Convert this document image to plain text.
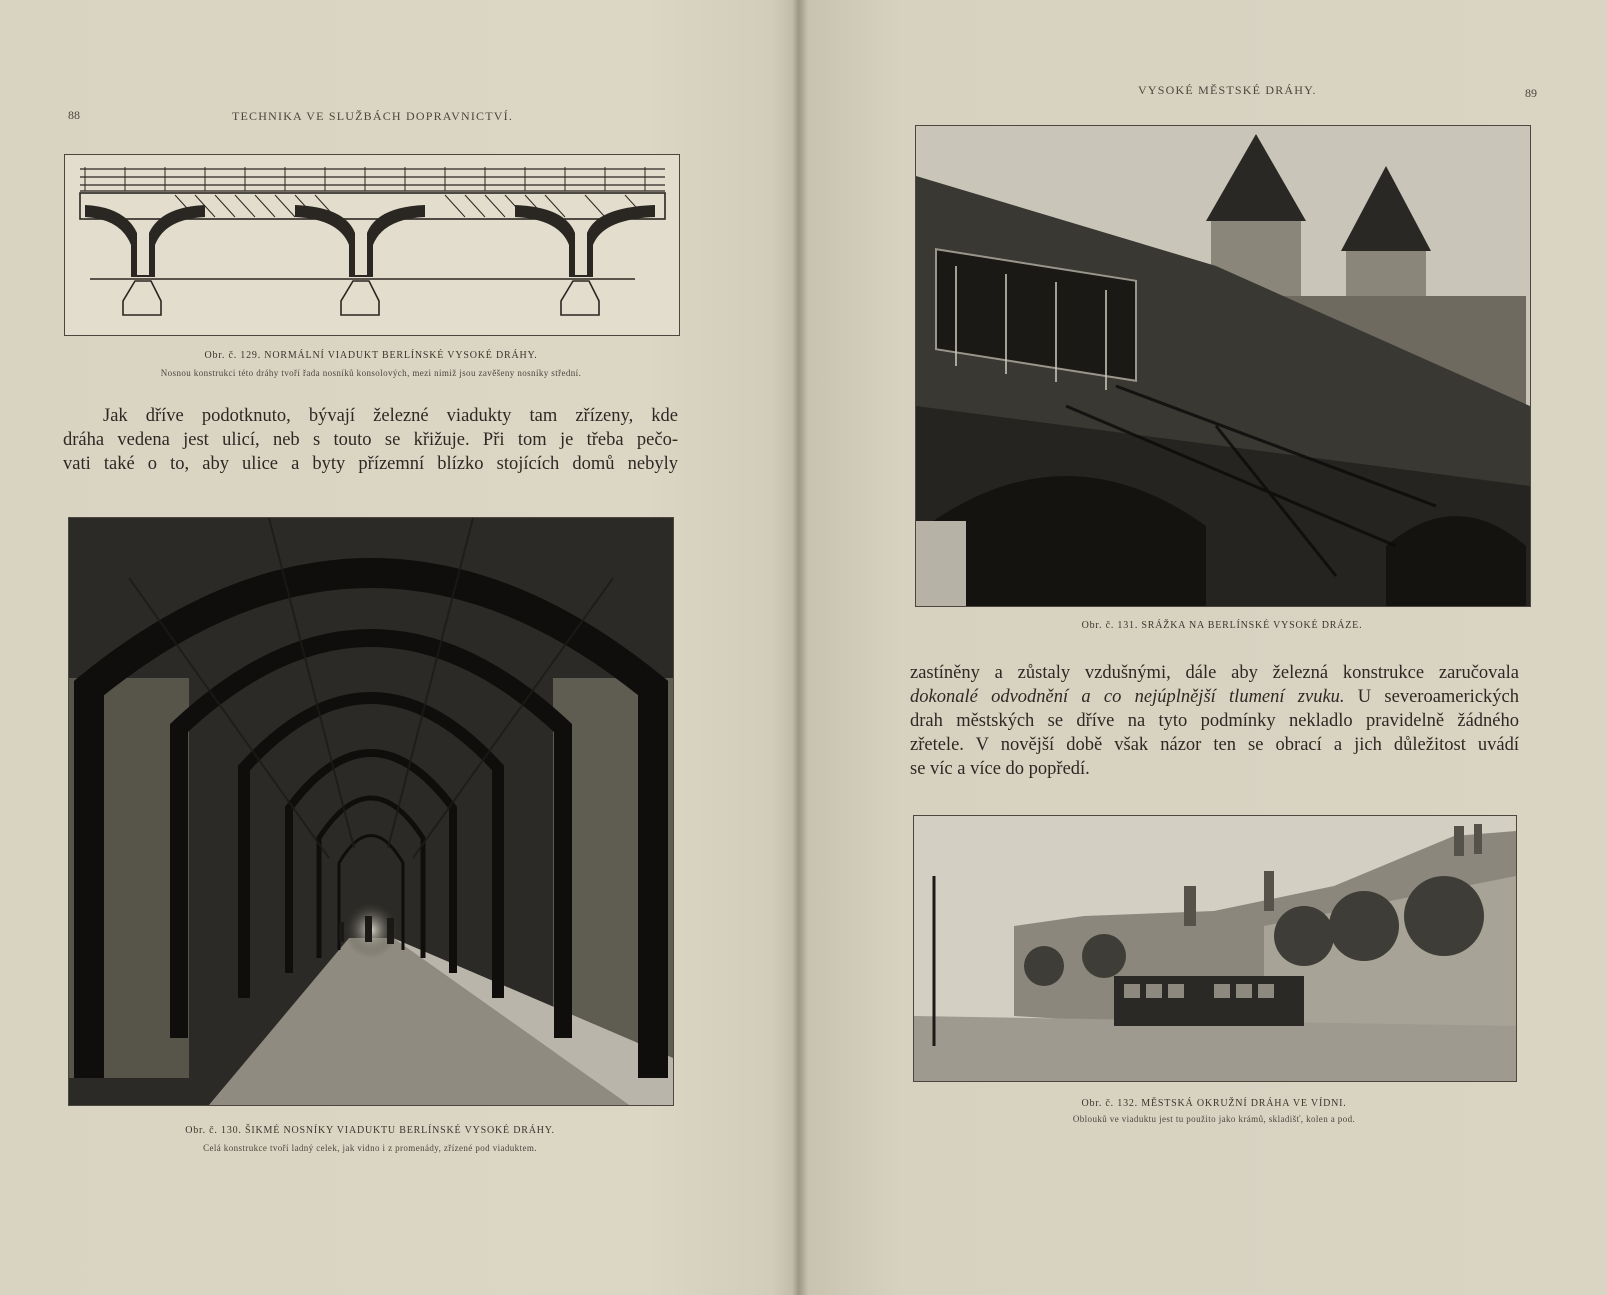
88	TECHNIKA VE SLUŽBÁCH DOPRAVNICTVÍ.
Obr. č. 129. NORMÁLNÍ VIADUKT BERLÍNSKÉ VYSOKÉ DRÁHY.
Nosnou konstrukci této dráhy tvoří řada nosníků konsolových, mezi nimiž jsou zavěšeny nosníky střední.
Jak dříve podotknuto, bývají železné viadukty tam zřízeny, kde
dráha vedena jest ulicí, neb s touto se křižuje. Při tom je třeba pečo-
vati také o to, aby ulice a byty přízemní blízko stojících domů nebyly
Obr. č. 130. ŠIKMÉ NOSNÍKY VIADUKTU BERLÍNSKÉ VYSOKÉ DRÁHY.
Celá konstrukce tvoří ladný celek, jak vidno i z promenády, zřízené pod viaduktem.
VYSOKÉ MĚSTSKÉ DRÁHY.	89
Obr. č. 131. SRÁŽKA NA BERLÍNSKÉ VYSOKÉ DRÁZE.
zastíněny a zůstaly vzdušnými, dále aby železná konstrukce zaručovala
dokonalé odvodnění a co nejúplnější tlumení zvuku. U severoamerických
drah městských se dříve na tyto podmínky nekladlo pravidelně žádného
zřetele. V novější době však názor ten se obrací a jich důležitost uvádí
se víc a více do popředí.
Obr. č. 132. MĚSTSKÁ OKRUŽNÍ DRÁHA VE VÍDNI.
Oblouků ve viaduktu jest tu použito jako krámů, skladišť, kolen a pod.
